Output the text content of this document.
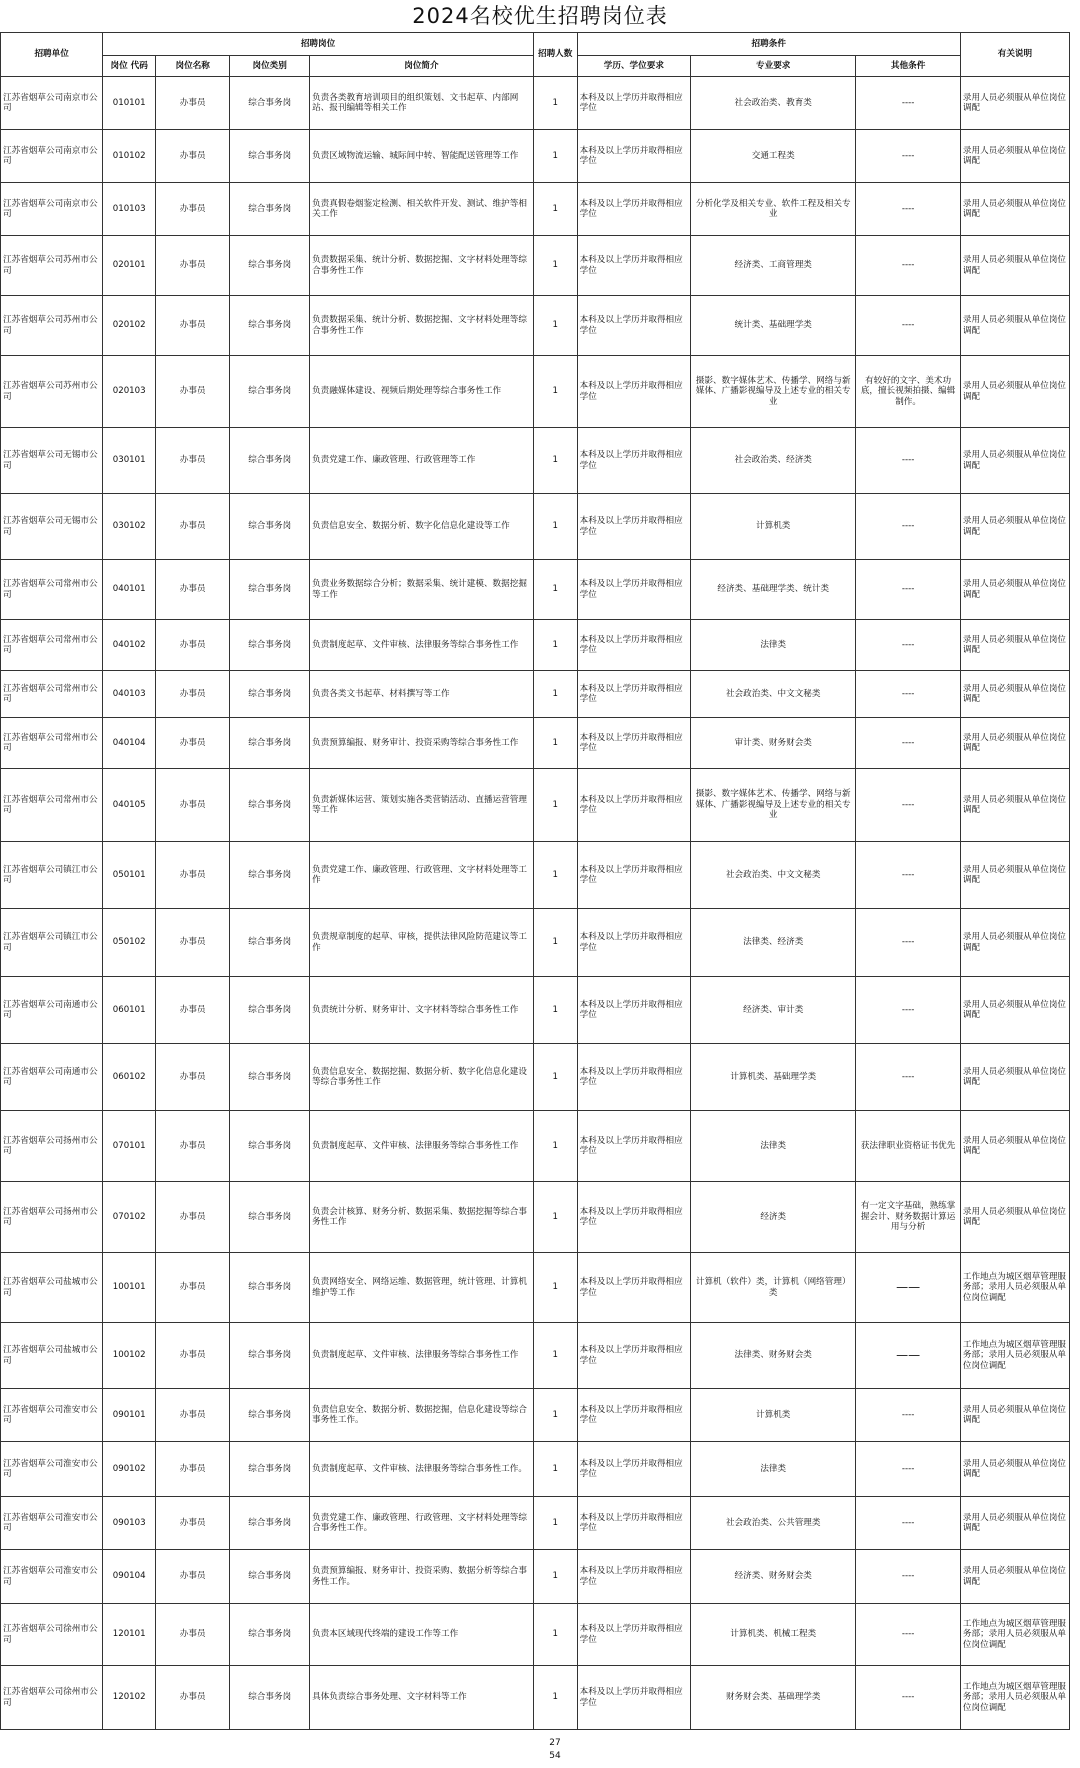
2024名校优生招聘岗位表
招聘单位	招聘岗位				招聘人数	招聘条件			有关说明
	岗位 代码	岗位名称	岗位类别	岗位简介		学历、学位要求	专业要求	其他条件	
江苏省烟草公司南京市公司	010101	办事员	综合事务岗	负责各类教育培训项目的组织策划、文书起草、内部网站、报刊编辑等相关工作	1	本科及以上学历并取得相应学位	社会政治类、教育类	----	录用人员必须服从单位岗位调配
江苏省烟草公司南京市公司	010102	办事员	综合事务岗	负责区域物流运输、城际间中转、智能配送管理等工作	1	本科及以上学历并取得相应学位	交通工程类	----	录用人员必须服从单位岗位调配
江苏省烟草公司南京市公司	010103	办事员	综合事务岗	负责真假卷烟鉴定检测、相关软件开发、测试、维护等相关工作	1	本科及以上学历并取得相应学位	分析化学及相关专业、软件工程及相关专业	----	录用人员必须服从单位岗位调配
江苏省烟草公司苏州市公司	020101	办事员	综合事务岗	负责数据采集、统计分析、数据挖掘、文字材料处理等综合事务性工作	1	本科及以上学历并取得相应学位	经济类、工商管理类	----	录用人员必须服从单位岗位调配
江苏省烟草公司苏州市公司	020102	办事员	综合事务岗	负责数据采集、统计分析、数据挖掘、文字材料处理等综合事务性工作	1	本科及以上学历并取得相应学位	统计类、基础理学类	----	录用人员必须服从单位岗位调配
江苏省烟草公司苏州市公司	020103	办事员	综合事务岗	负责融媒体建设、视频后期处理等综合事务性工作	1	本科及以上学历并取得相应学位	摄影、数字媒体艺术、传播学、网络与新媒体、广播影视编导及上述专业的相关专业	有较好的文字、美术功底，擅长视频拍摄、编辑制作。	录用人员必须服从单位岗位调配
江苏省烟草公司无锡市公司	030101	办事员	综合事务岗	负责党建工作、廉政管理、行政管理等工作	1	本科及以上学历并取得相应学位	社会政治类、经济类	----	录用人员必须服从单位岗位调配
江苏省烟草公司无锡市公司	030102	办事员	综合事务岗	负责信息安全、数据分析、数字化信息化建设等工作	1	本科及以上学历并取得相应学位	计算机类	----	录用人员必须服从单位岗位调配
江苏省烟草公司常州市公司	040101	办事员	综合事务岗	负责业务数据综合分析；数据采集、统计建模、数据挖掘等工作	1	本科及以上学历并取得相应学位	经济类、基础理学类、统计类	----	录用人员必须服从单位岗位调配
江苏省烟草公司常州市公司	040102	办事员	综合事务岗	负责制度起草、文件审核、法律服务等综合事务性工作	1	本科及以上学历并取得相应学位	法律类	----	录用人员必须服从单位岗位调配
江苏省烟草公司常州市公司	040103	办事员	综合事务岗	负责各类文书起草、材料撰写等工作	1	本科及以上学历并取得相应学位	社会政治类、中文文秘类	----	录用人员必须服从单位岗位调配
江苏省烟草公司常州市公司	040104	办事员	综合事务岗	负责预算编报、财务审计、投资采购等综合事务性工作	1	本科及以上学历并取得相应学位	审计类、财务财会类	----	录用人员必须服从单位岗位调配
江苏省烟草公司常州市公司	040105	办事员	综合事务岗	负责新媒体运营、策划实施各类营销活动、直播运营管理等工作	1	本科及以上学历并取得相应学位	摄影、数字媒体艺术、传播学、网络与新媒体、广播影视编导及上述专业的相关专业	----	录用人员必须服从单位岗位调配
江苏省烟草公司镇江市公司	050101	办事员	综合事务岗	负责党建工作、廉政管理、行政管理、文字材料处理等工作	1	本科及以上学历并取得相应学位	社会政治类、中文文秘类	----	录用人员必须服从单位岗位调配
江苏省烟草公司镇江市公司	050102	办事员	综合事务岗	负责规章制度的起草、审核，提供法律风险防范建议等工作	1	本科及以上学历并取得相应学位	法律类、经济类	----	录用人员必须服从单位岗位调配
江苏省烟草公司南通市公司	060101	办事员	综合事务岗	负责统计分析、财务审计、文字材料等综合事务性工作	1	本科及以上学历并取得相应学位	经济类、审计类	----	录用人员必须服从单位岗位调配
江苏省烟草公司南通市公司	060102	办事员	综合事务岗	负责信息安全、数据挖掘、数据分析、数字化信息化建设等综合事务性工作	1	本科及以上学历并取得相应学位	计算机类、基础理学类	----	录用人员必须服从单位岗位调配
江苏省烟草公司扬州市公司	070101	办事员	综合事务岗	负责制度起草、文件审核、法律服务等综合事务性工作	1	本科及以上学历并取得相应学位	法律类	获法律职业资格证书优先	录用人员必须服从单位岗位调配
江苏省烟草公司扬州市公司	070102	办事员	综合事务岗	负责会计核算、财务分析、数据采集、数据挖掘等综合事务性工作	1	本科及以上学历并取得相应学位	经济类	有一定文字基础，熟练掌握会计、财务数据计算运用与分析	录用人员必须服从单位岗位调配
江苏省烟草公司盐城市公司	100101	办事员	综合事务岗	负责网络安全、网络运维、数据管理，统计管理、计算机维护等工作	1	本科及以上学历并取得相应学位	计算机（软件）类，计算机（网络管理）类	——	工作地点为城区烟草管理服务部；录用人员必须服从单位岗位调配
江苏省烟草公司盐城市公司	100102	办事员	综合事务岗	负责制度起草、文件审核、法律服务等综合事务性工作	1	本科及以上学历并取得相应学位	法律类、财务财会类	——	工作地点为城区烟草管理服务部；录用人员必须服从单位岗位调配
江苏省烟草公司淮安市公司	090101	办事员	综合事务岗	负责信息安全、数据分析、数据挖掘，信息化建设等综合事务性工作。	1	本科及以上学历并取得相应学位	计算机类	----	录用人员必须服从单位岗位调配
江苏省烟草公司淮安市公司	090102	办事员	综合事务岗	负责制度起草、文件审核、法律服务等综合事务性工作。	1	本科及以上学历并取得相应学位	法律类	----	录用人员必须服从单位岗位调配
江苏省烟草公司淮安市公司	090103	办事员	综合事务岗	负责党建工作、廉政管理、行政管理、文字材料处理等综合事务性工作。	1	本科及以上学历并取得相应学位	社会政治类、公共管理类	----	录用人员必须服从单位岗位调配
江苏省烟草公司淮安市公司	090104	办事员	综合事务岗	负责预算编报、财务审计、投资采购、数据分析等综合事务性工作。	1	本科及以上学历并取得相应学位	经济类、财务财会类	----	录用人员必须服从单位岗位调配
江苏省烟草公司徐州市公司	120101	办事员	综合事务岗	负责本区域现代终端的建设工作等工作	1	本科及以上学历并取得相应学位	计算机类、机械工程类	----	工作地点为城区烟草管理服务部；录用人员必须服从单位岗位调配
江苏省烟草公司徐州市公司	120102	办事员	综合事务岗	具体负责综合事务处理、文字材料等工作	1	本科及以上学历并取得相应学位	财务财会类、基础理学类	----	工作地点为城区烟草管理服务部；录用人员必须服从单位岗位调配
27
54
